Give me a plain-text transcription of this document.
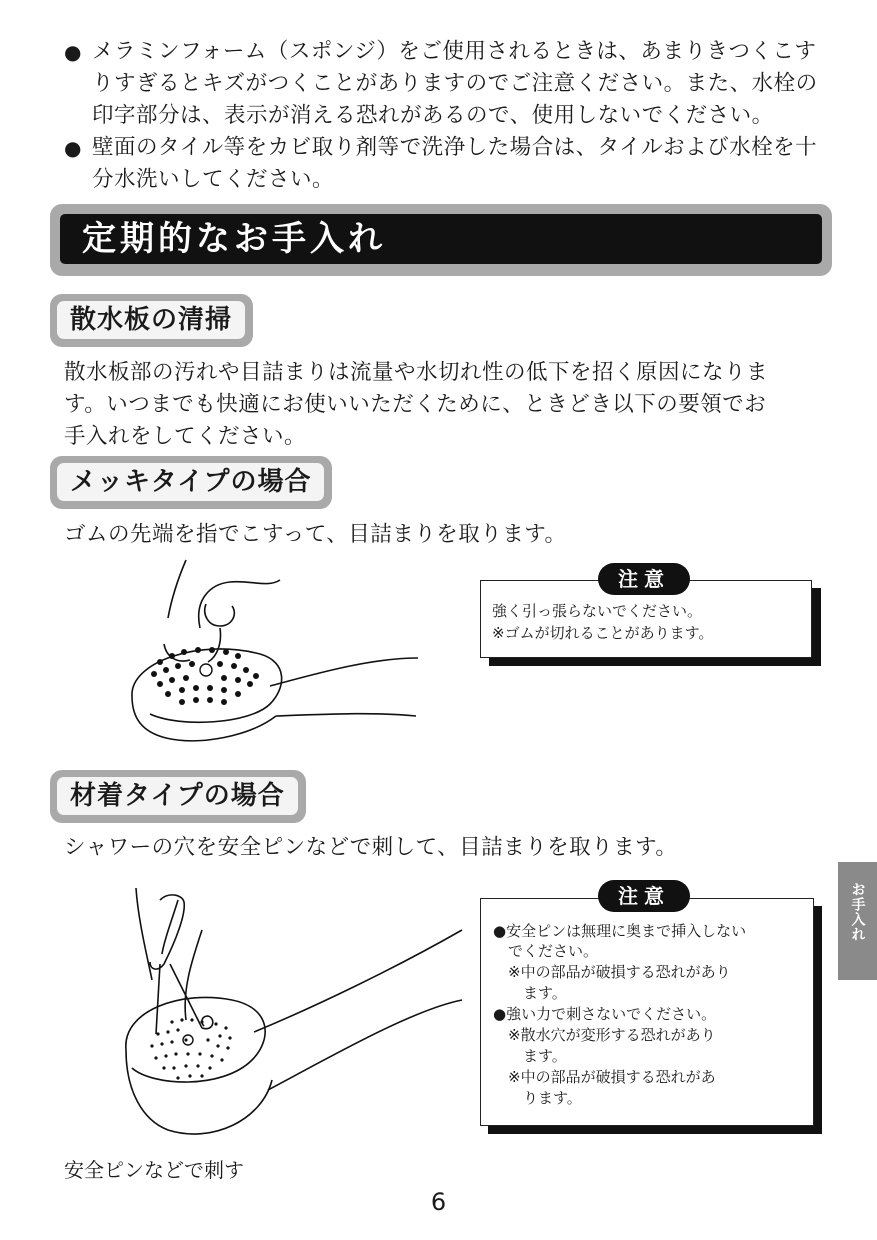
● メラミンフォーム（スポンジ）をご使用されるときは、あまりきつくこす
りすぎるとキズがつくことがありますのでご注意ください。また、水栓の
印字部分は、表示が消える恐れがあるので、使用しないでください。
● 壁面のタイル等をカビ取り剤等で洗浄した場合は、タイルおよび水栓を十
分水洗いしてください。
定期的なお手入れ
散水板の清掃
散水板部の汚れや目詰まりは流量や水切れ性の低下を招く原因になりま
す。いつまでも快適にお使いいただくために、ときどき以下の要領でお
手入れをしてください。
メッキタイプの場合
ゴムの先端を指でこすって、目詰まりを取ります。
強く引っ張らないでください。
※ゴムが切れることがあります。
注意
材着タイプの場合
シャワーの穴を安全ピンなどで刺して、目詰まりを取ります。
●安全ピンは無理に奥まで挿入しない
　でください。
　※中の部品が破損する恐れがあり
　　ます。
●強い力で刺さないでください。
　※散水穴が変形する恐れがあり
　　ます。
　※中の部品が破損する恐れがあ
　　ります。
注意
安全ピンなどで刺す
お手入れ
6
